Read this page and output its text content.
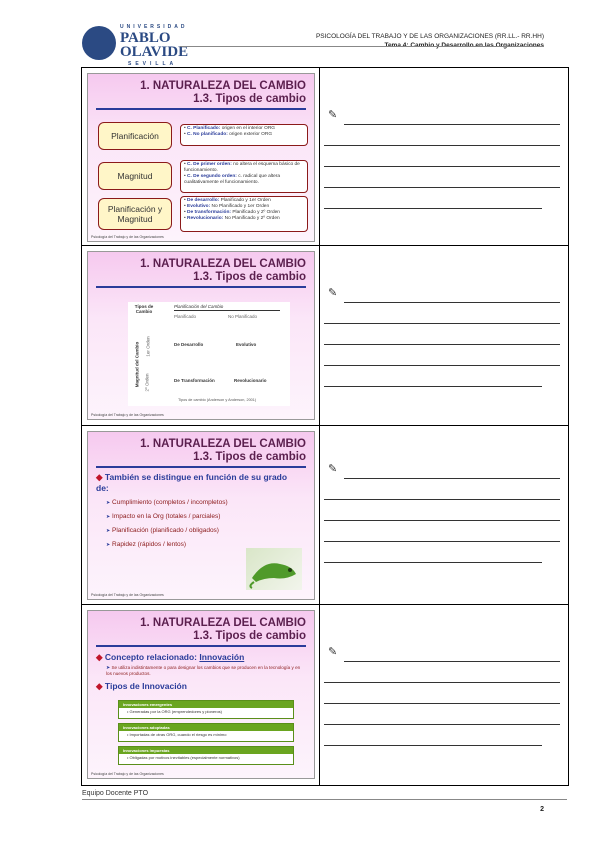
UNIVERSIDAD
PABLO
OLAVIDE
SEVILLA
PSICOLOGÍA DEL TRABAJO Y DE LAS ORGANIZACIONES (RR.LL.- RR.HH)
Tema 4: Cambio y Desarrollo en las Organizaciones
1. NATURALEZA DEL CAMBIO
1.3. Tipos de cambio
Planificación
• C. Planificado: origen en el interior ORG
• C. No planificado: origen exterior ORG
Magnitud
• C. De primer orden: no altera el esquema básico de funcionamiento.
• C. De segundo orden: c. radical que altera cualitativamente el funcionamiento.
Planificación y Magnitud
• De desarrollo: Planificado y 1er Orden
• Evolutivo: No Planificado y 1er Orden
• De transformación: Planificado y 2º Orden
• Revolucionario: No Planificado y 2º Orden
Psicología del Trabajo y de las Organizaciones
✎
1. NATURALEZA DEL CAMBIO
1.3. Tipos de cambio
Tipos de Cambio
Planificación del Cambio
Planificado	No Planificado
Magnitud del Cambio 1er Orden
2º Orden
De Desarrollo	Evolutivo
De Transformación	Revolucionario
Tipos de cambio (Anderson y Anderson, 2001)
Psicología del Trabajo y de las Organizaciones
✎
1. NATURALEZA DEL CAMBIO
1.3. Tipos de cambio
◆ También se distingue en función de su grado de:
➤ Cumplimiento (completos / incompletos)
➤ Impacto en la Org (totales / parciales)
➤ Planificación (planificado / obligados)
➤ Rapidez (rápidos / lentos)
Psicología del Trabajo y de las Organizaciones
✎
1. NATURALEZA DEL CAMBIO
1.3. Tipos de cambio
◆ Concepto relacionado: Innovación
➤ Se utiliza indistintamente o para designar los cambios que se producen en la tecnología y en los nuevos productos.
◆ Tipos de Innovación
Innovaciones emergentes
• Generadas por la ORG (emprendedores y pioneros)
Innovaciones adoptadas
• Importadas de otras ORG, cuando el riesgo es mínimo
Innovaciones impuestas
• Obligadas por motivos inevitables (especialmente normativos)
Psicología del Trabajo y de las Organizaciones
✎
Equipo Docente PTO
2
